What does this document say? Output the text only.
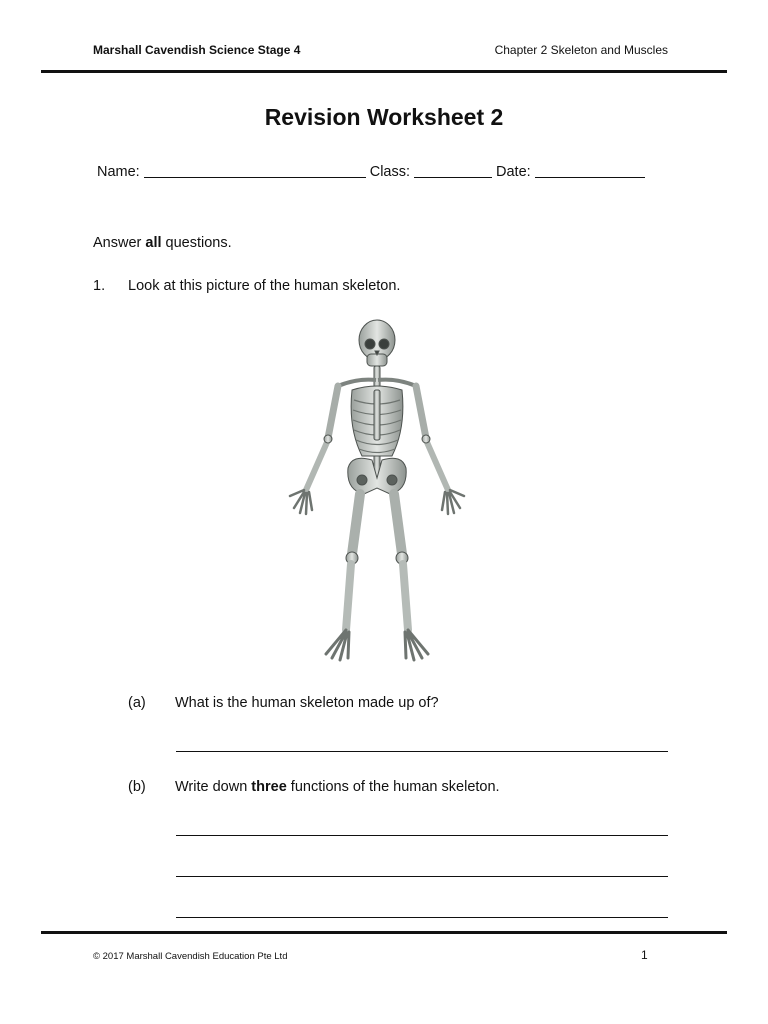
Marshall Cavendish Science Stage 4	Chapter 2 Skeleton and Muscles
Revision Worksheet 2
Name:	Class:	Date:
Answer all questions.
1. Look at this picture of the human skeleton.
(a) What is the human skeleton made up of?
(b) Write down three functions of the human skeleton.
© 2017 Marshall Cavendish Education Pte Ltd	1
